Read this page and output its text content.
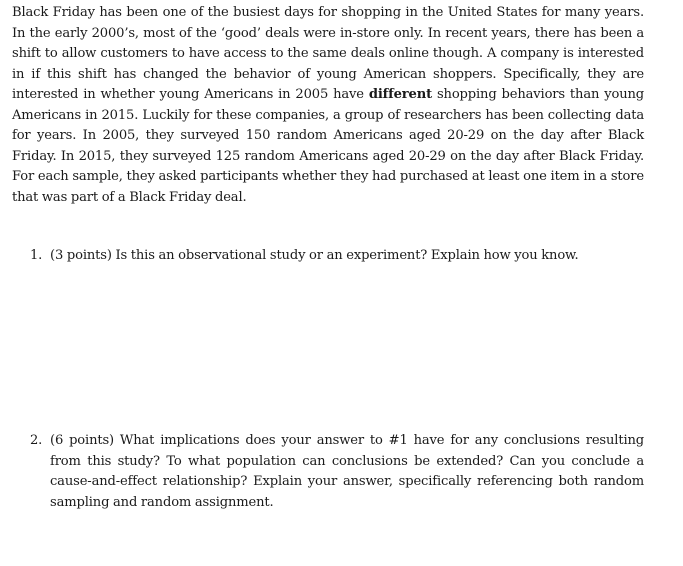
Black Friday has been one of the busiest days for shopping in the United States for many years. In the early 2000’s, most of the ‘good’ deals were in-store only. In recent years, there has been a shift to allow customers to have access to the same deals online though. A company is interested in if this shift has changed the behavior of young American shoppers. Specifically, they are interested in whether young Americans in 2005 have different shopping behaviors than young Americans in 2015. Luckily for these companies, a group of researchers has been collecting data for years. In 2005, they surveyed 150 random Americans aged 20-29 on the day after Black Friday. In 2015, they surveyed 125 random Americans aged 20-29 on the day after Black Friday. For each sample, they asked participants whether they had purchased at least one item in a store that was part of a Black Friday deal.

1. (3 points) Is this an observational study or an experiment? Explain how you know.
2. (6 points) What implications does your answer to #1 have for any conclusions resulting from this study? To what population can conclusions be extended? Can you conclude a cause-and-effect relationship? Explain your answer, specifically referencing both random sampling and random assignment.
